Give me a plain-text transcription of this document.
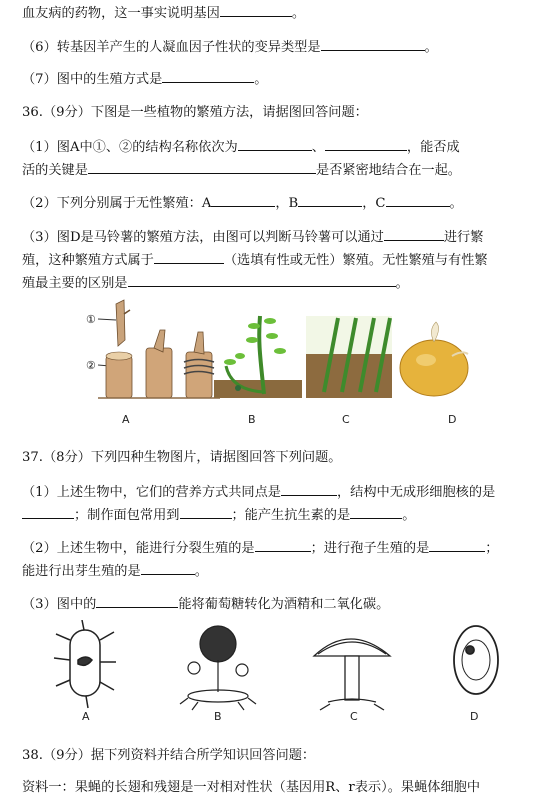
血友病的药物，这一事实说明基因	。
（6）转基因羊产生的人凝血因子性状的变异类型是	。
（7）图中的生殖方式是	。
36.（9分）下图是一些植物的繁殖方法，请据图回答问题：
（1）图A中①、②的结构名称依次为	、	，能否成
活的关键是	是否紧密地结合在一起。
（2）下列分别属于无性繁殖：A	，B	，C	。
（3）图D是马铃薯的繁殖方法，由图可以判断马铃薯可以通过	进行繁
殖，这种繁殖方式属于	（选填有性或无性）繁殖。无性繁殖与有性繁
殖最主要的区别是	。
①
②
A	B	C	D
37.（8分）下列四种生物图片，请据图回答下列问题。
（1）上述生物中，它们的营养方式共同点是	，结构中无成形细胞核的是
；制作面包常用到	；能产生抗生素的是	。
（2）上述生物中，能进行分裂生殖的是	；进行孢子生殖的是	；
能进行出芽生殖的是	。
（3）图中的	能将葡萄糖转化为酒精和二氧化碳。
A	B	C	D
38.（9分）据下列资料并结合所学知识回答问题：
资料一：果蝇的长翅和残翅是一对相对性状（基因用R、r表示）。果蝇体细胞中
